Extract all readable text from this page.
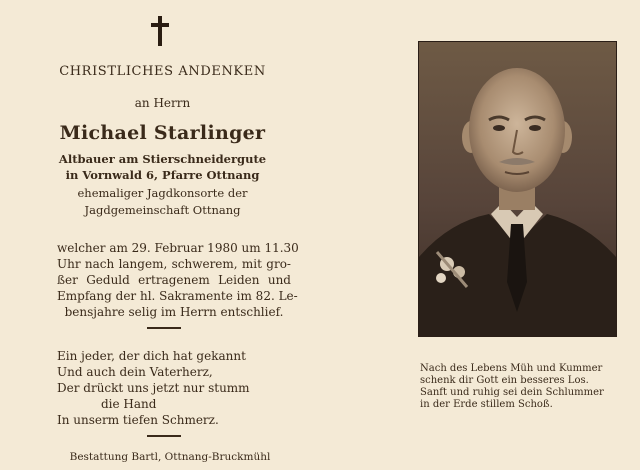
CHRISTLICHES ANDENKEN
an Herrn
Michael Starlinger
Altbauer am Stierschneidergute
in Vornwald 6, Pfarre Ottnang
ehemaliger Jagdkonsorte der
Jagdgemeinschaft Ottnang
welcher am 29. Februar 1980 um 11.30
Uhr nach langem, schwerem, mit gro-
ßer Geduld ertragenem Leiden und
Empfang der hl. Sakramente im 82. Le-
bensjahre selig im Herrn entschlief.
Ein jeder, der dich hat gekannt
Und auch dein Vaterherz,
Der drückt uns jetzt nur stumm
die Hand
In unserm tiefen Schmerz.
Bestattung Bartl, Ottnang-Bruckmühl
Nach des Lebens Müh und Kummer
schenk dir Gott ein besseres Los.
Sanft und ruhig sei dein Schlummer
in der Erde stillem Schoß.
